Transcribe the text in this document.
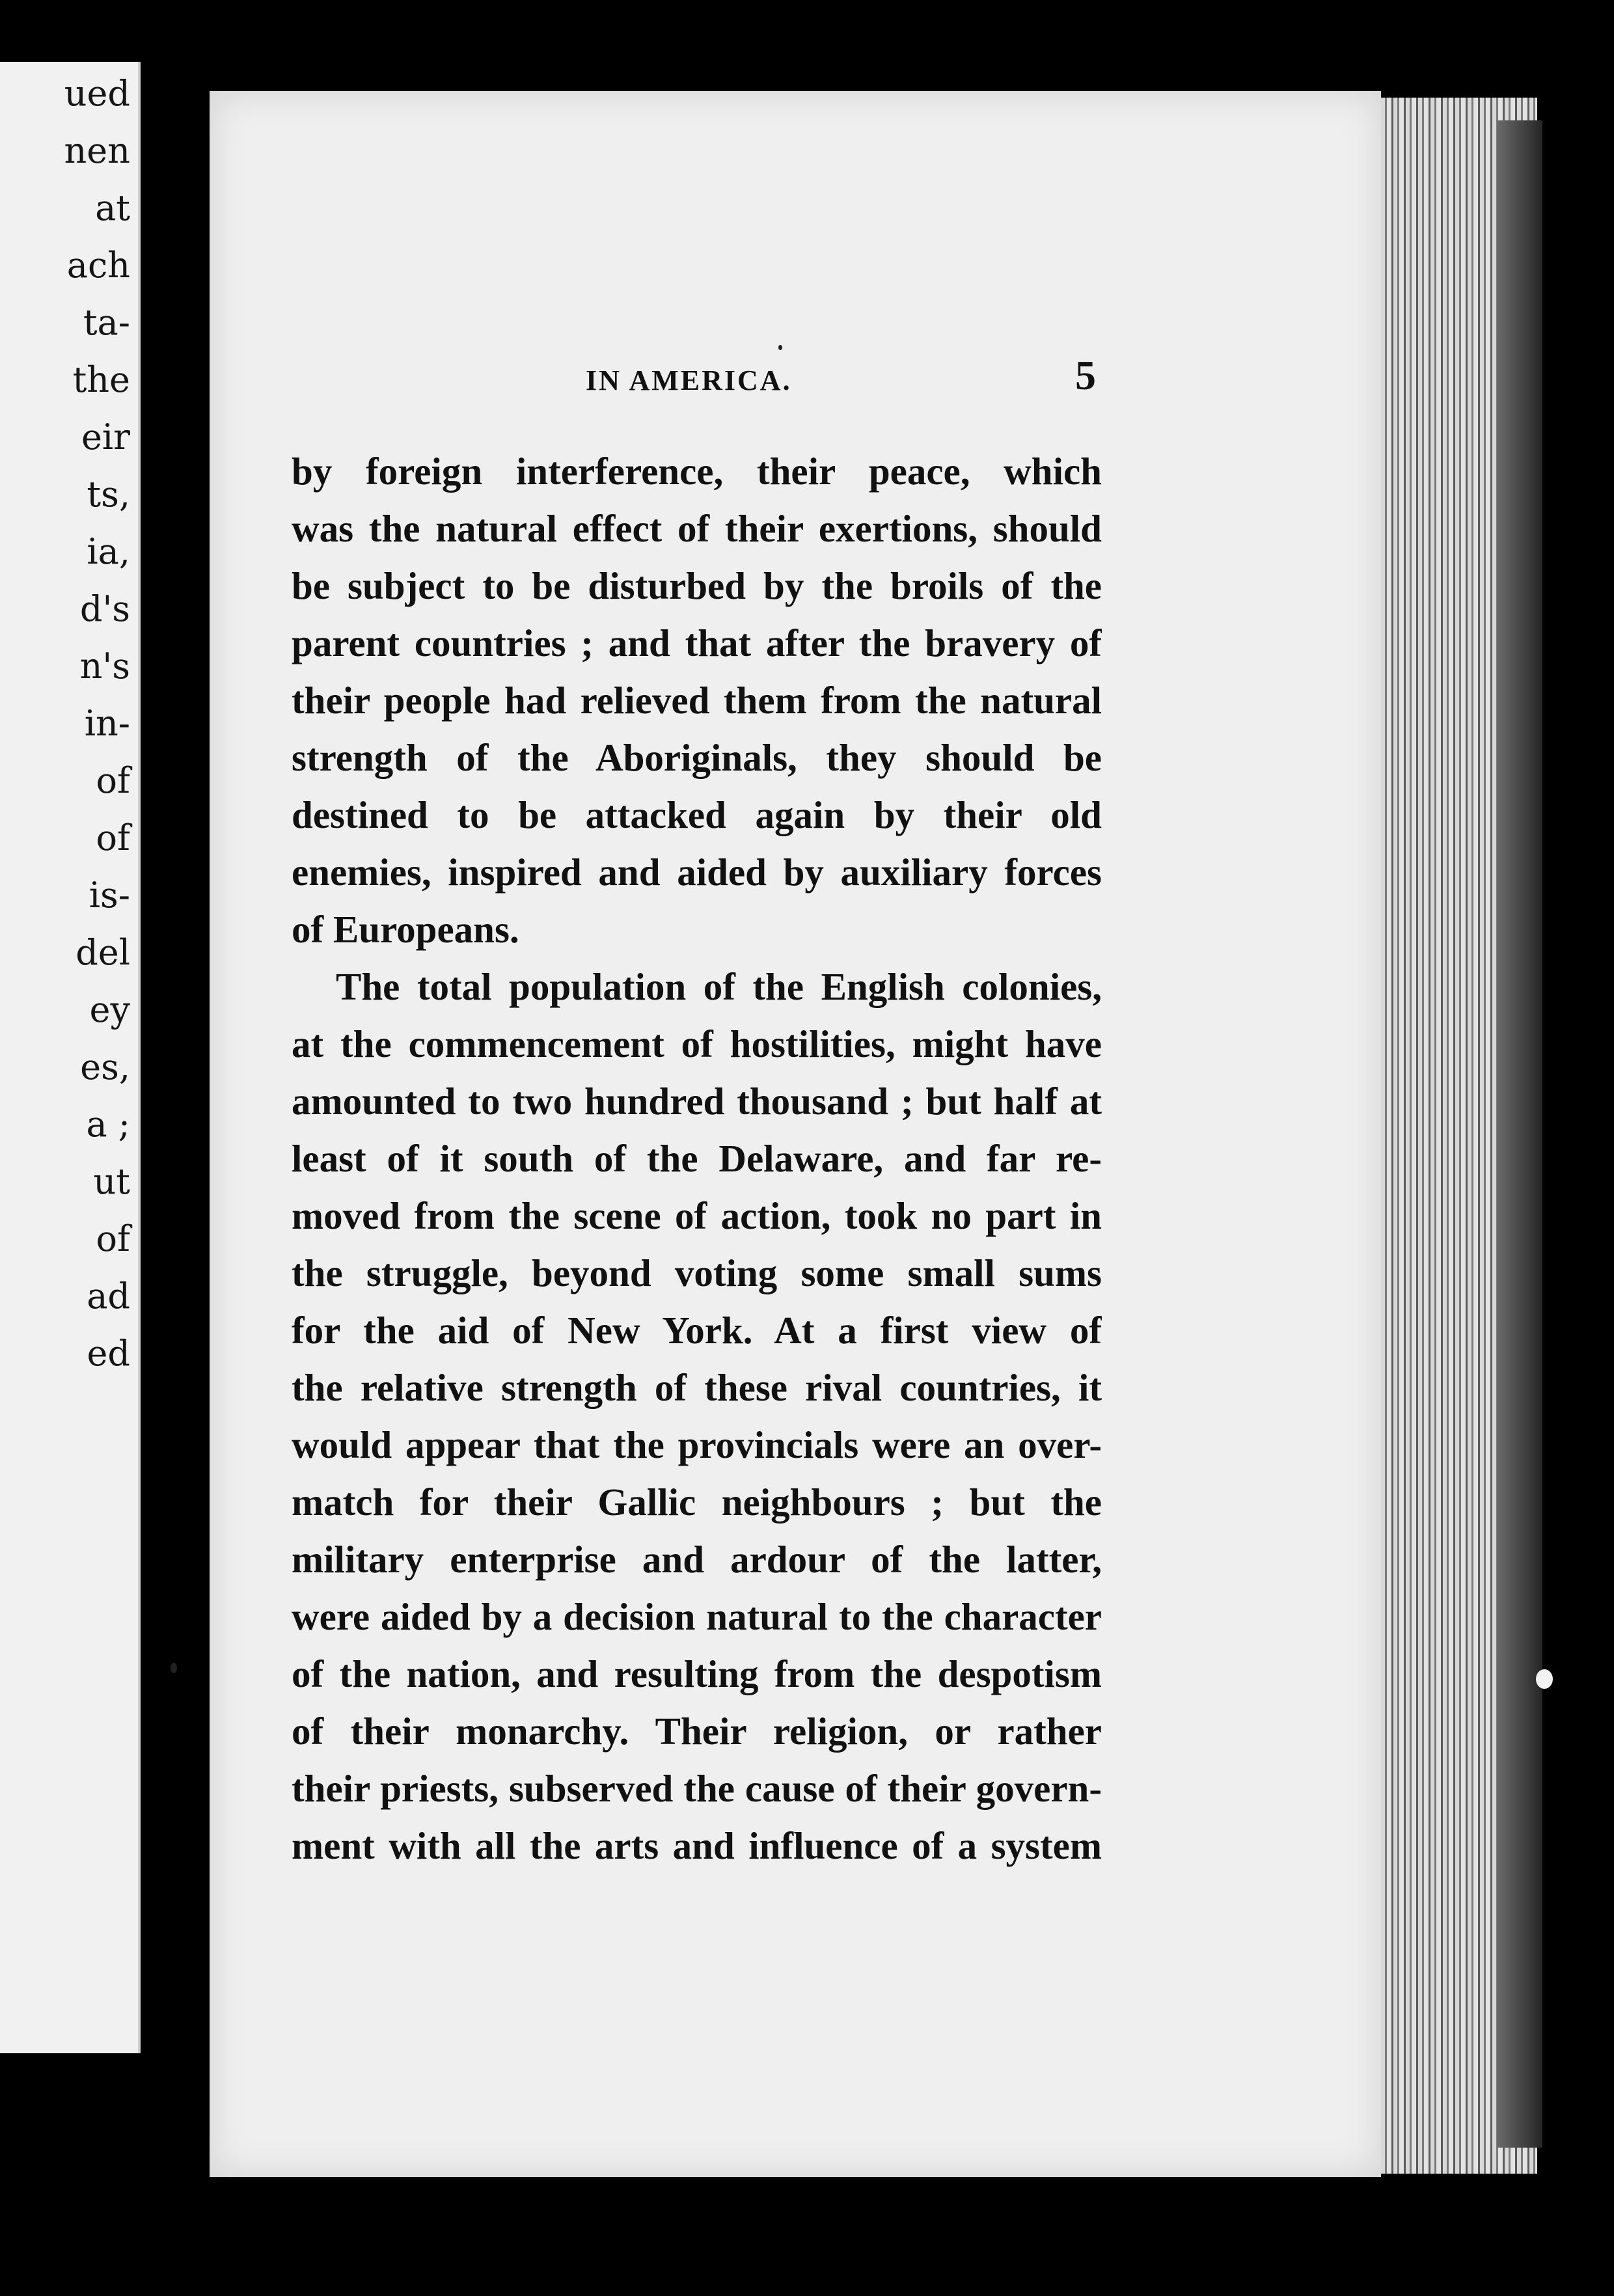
ued
nen
at
ach
ta-
the
eir
ts,
ia,
d's
n's
in-
of
of
is-
del
ey
es,
a ;
ut
of
ad
ed
IN AMERICA.	5
by foreign interference, their peace, which
was the natural effect of their exertions, should
be subject to be disturbed by the broils of the
parent countries ; and that after the bravery of
their people had relieved them from the natural
strength of the Aboriginals, they should be
destined to be attacked again by their old
enemies, inspired and aided by auxiliary forces
of Europeans.
The total population of the English colonies,
at the commencement of hostilities, might have
amounted to two hundred thousand ; but half at
least of it south of the Delaware, and far re-
moved from the scene of action, took no part in
the struggle, beyond voting some small sums
for the aid of New York. At a first view of
the relative strength of these rival countries, it
would appear that the provincials were an over-
match for their Gallic neighbours ; but the
military enterprise and ardour of the latter,
were aided by a decision natural to the character
of the nation, and resulting from the despotism
of their monarchy. Their religion, or rather
their priests, subserved the cause of their govern-
ment with all the arts and influence of a system
